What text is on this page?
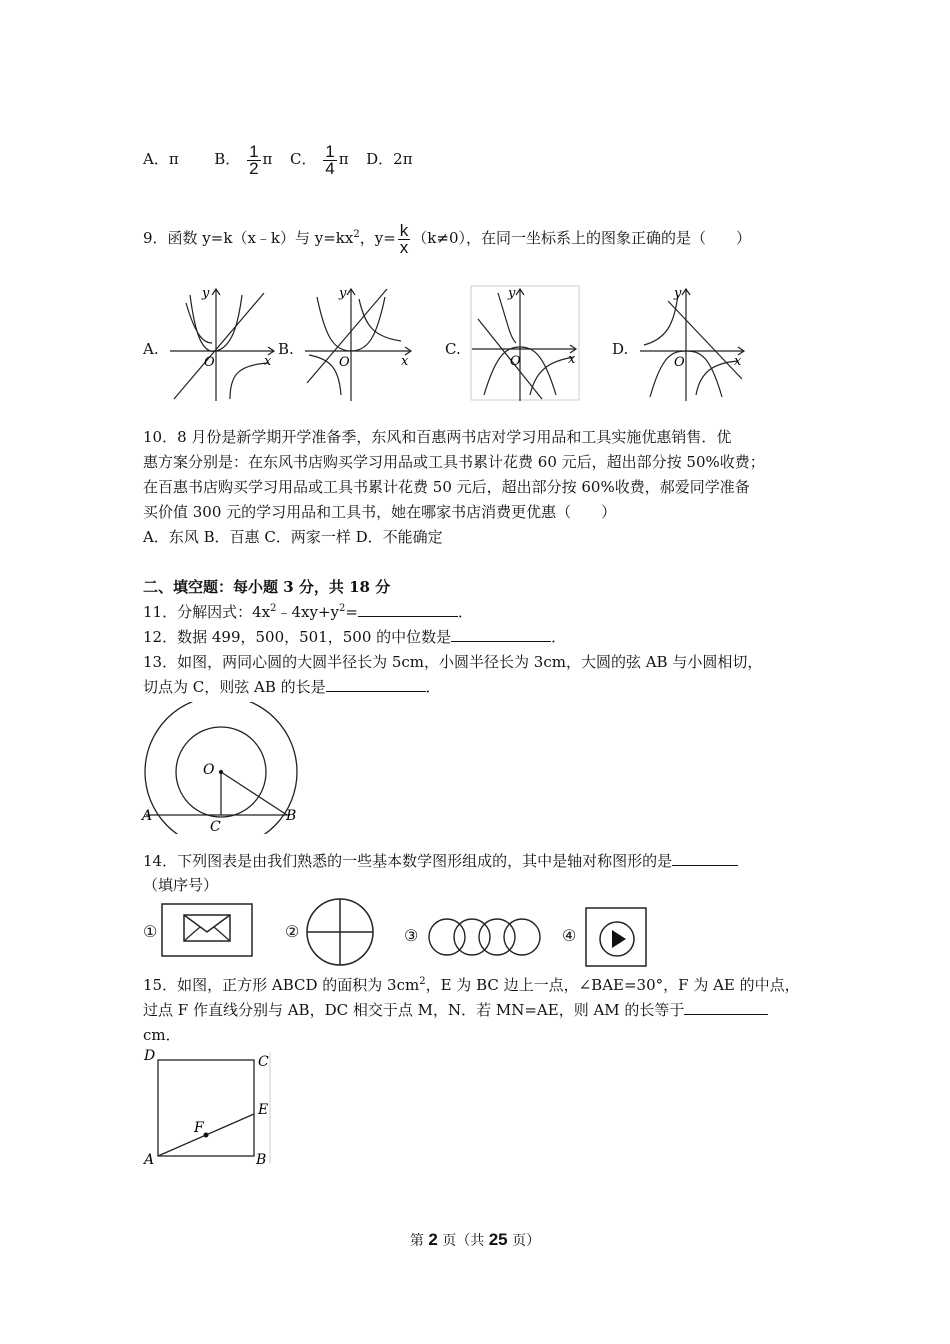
A．π B． $\frac{1}{2}$ π C． $\frac{1}{4}$ π D．2π
9．函数 y=k（x﹣k）与 $y=kx^2$，$y= \frac{k}{x} (k\ne 0)$，在同一坐标系上的图象正确的是（　　）
A.	B.	C.	D.
y
x
O
y
x
O
y
x
O
y
x
O
10．8 月份是新学期开学准备季，东风和百惠两书店对学习用品和工具实施优惠销售．优
惠方案分别是：在东风书店购买学习用品或工具书累计花费 60 元后，超出部分按 50%收费；
在百惠书店购买学习用品或工具书累计花费 50 元后，超出部分按 60%收费，郝爱同学准备
买价值 300 元的学习用品和工具书，她在哪家书店消费更优惠（　　）
A．东风 B．百惠 C．两家一样 D．不能确定
二、填空题：每小题 3 分，共 18 分
11．分解因式：$4x^2﹣4xy+y^2=$	．
12．数据 499，500，501，500 的中位数是	．
13．如图，两同心圆的大圆半径长为 5cm，小圆半径长为 3cm，大圆的弦 AB 与小圆相切，
切点为 C，则弦 AB 的长是	．
O
A	B
C
14．下列图表是由我们熟悉的一些基本数学图形组成的，其中是轴对称图形的是
（填序号）
①	②	③	④
15．如图，正方形 ABCD 的面积为 $3cm^2$，E 为 BC 边上一点，∠BAE=30°，F 为 AE 的中点，
过点 F 作直线分别与 AB，DC 相交于点 M，N．若 MN=AE，则 AM 的长等于
cm．
D	C
E
F
A	B
第 2 页（共 25 页）
